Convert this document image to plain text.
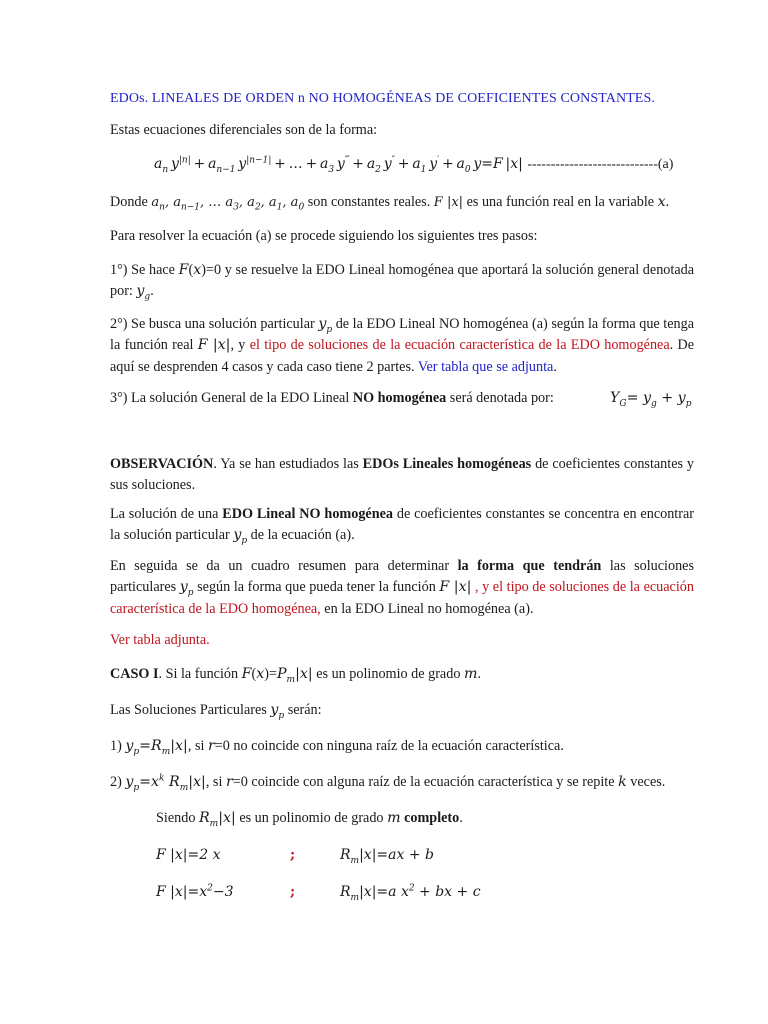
EDOs. LINEALES DE ORDEN n NO HOMOGÉNEAS DE COEFICIENTES CONSTANTES.
Estas ecuaciones diferenciales son de la forma:
$a_n$ $y^{|n|} + a_{n-1}$ $y^{|n-1|}$ + … + $a_3$ $y^‴ + a_2$ $y'' + a_1$ $y' + a_0$ y=F |x| ----------------------------(a)
Donde $a_n$, $a_{n-1}$, … $a_3$, $a_2$, $a_1$, $a_0$ son constantes reales. F |x| es una función real en la variable x.
Para resolver la ecuación (a) se procede siguiendo los siguientes tres pasos:
1°) Se hace F(x)=0 y se resuelve la EDO Lineal homogénea que aportará la solución general denotada por: $y_g$.
2°) Se busca una solución particular $y_p$ de la EDO Lineal NO homogénea (a) según la forma que tenga la función real F |x|, y el tipo de soluciones de la ecuación característica de la EDO homogénea. De aquí se desprenden 4 casos y cada caso tiene 2 partes. Ver tabla que se adjunta.
3°) La solución General de la EDO Lineal NO homogénea será denotada por:	$Y_G= y_g + y_p$
OBSERVACIÓN. Ya se han estudiados las EDOs Lineales homogéneas de coeficientes constantes y sus soluciones.
La solución de una EDO Lineal NO homogénea de coeficientes constantes se concentra en encontrar la solución particular $y_p$ de la ecuación (a).
En seguida se da un cuadro resumen para determinar la forma que tendrán las soluciones particulares $y_p$ según la forma que pueda tener la función F |x| , y el tipo de soluciones de la ecuación característica de la EDO homogénea, en la EDO Lineal no homogénea (a).
Ver tabla adjunta.
CASO I. Si la función $F(x)=P_m|x|$ es un polinomio de grado m.
Las Soluciones Particulares $y_p$ serán:
1) $y_p=R_m|x|$, si r=0 no coincide con ninguna raíz de la ecuación característica.
2) $y_p=x^k$ $R_m|x|$, si r=0 coincide con alguna raíz de la ecuación característica y se repite k veces.
Siendo $R_m|x|$ es un polinomio de grado m completo.
F |x|=2 x	;	$R_m|x|=ax + b$
F $|x|=x^2-3$	;	$R_m|x|=a$ $x^2$ + bx + c
